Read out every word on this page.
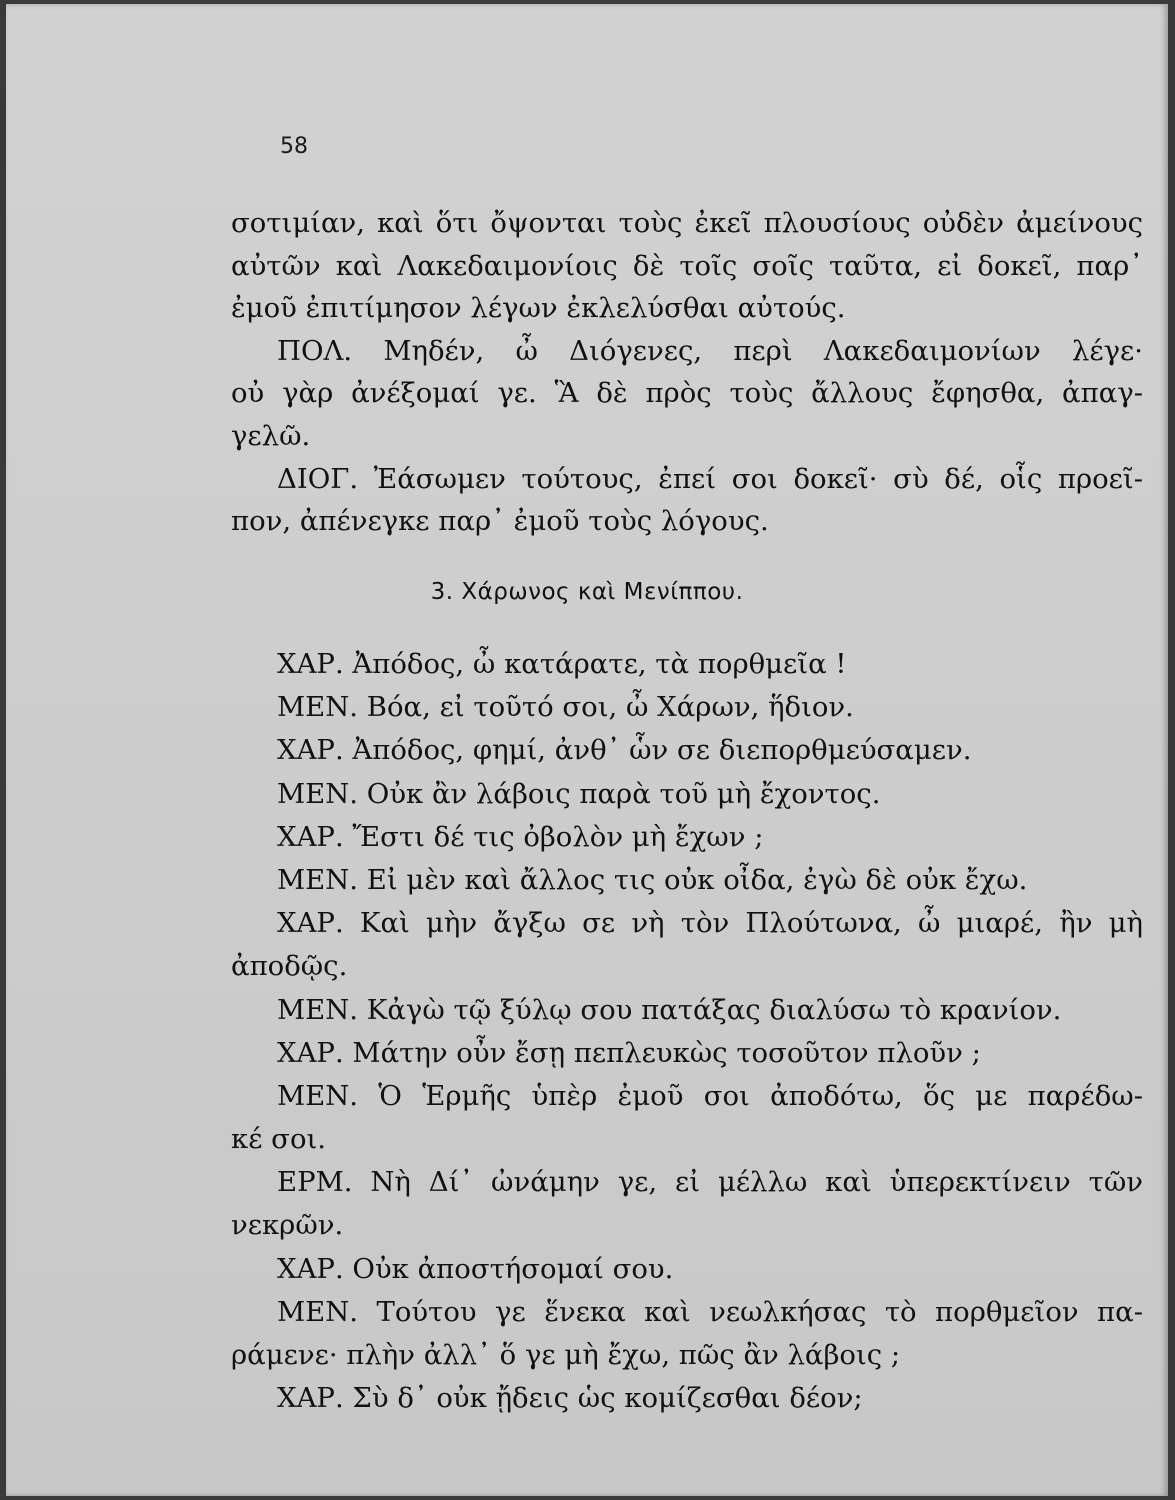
58
σοτιμίαν, καὶ ὅτι ὄψονται τοὺς ἐκεῖ πλουσίους οὐδὲν ἀμείνους
αὐτῶν καὶ Λακεδαιμονίοις δὲ τοῖς σοῖς ταῦτα, εἰ δοκεῖ, παρ᾽
ἐμοῦ ἐπιτίμησον λέγων ἐκλελύσθαι αὐτούς.
ΠΟΛ. Μηδέν, ὦ Διόγενες, περὶ Λακεδαιμονίων λέγε·
οὐ γὰρ ἀνέξομαί γε. Ἃ δὲ πρὸς τοὺς ἄλλους ἔφησθα, ἀπαγ-
γελῶ.
ΔΙΟΓ. Ἐάσωμεν τούτους, ἐπεί σοι δοκεῖ· σὺ δέ, οἷς προεῖ-
πον, ἀπένεγκε παρ᾽ ἐμοῦ τοὺς λόγους.
3. Χάρωνος καὶ Μενίππου.
ΧΑΡ. Ἀπόδος, ὦ κατάρατε, τὰ πορθμεῖα !
ΜΕΝ. Βόα, εἰ τοῦτό σοι, ὦ Χάρων, ἥδιον.
ΧΑΡ. Ἀπόδος, φημί, ἀνθ᾽ ὧν σε διεπορθμεύσαμεν.
ΜΕΝ. Οὐκ ἂν λάβοις παρὰ τοῦ μὴ ἔχοντος.
ΧΑΡ. Ἔστι δέ τις ὀβολὸν μὴ ἔχων ;
ΜΕΝ. Εἰ μὲν καὶ ἄλλος τις οὐκ οἶδα, ἐγὼ δὲ οὐκ ἔχω.
ΧΑΡ. Καὶ μὴν ἄγξω σε νὴ τὸν Πλούτωνα, ὦ μιαρέ, ἢν μὴ
ἀποδῷς.
ΜΕΝ. Κἀγὼ τῷ ξύλῳ σου πατάξας διαλύσω τὸ κρανίον.
ΧΑΡ. Μάτην οὖν ἔσῃ πεπλευκὼς τοσοῦτον πλοῦν ;
ΜΕΝ. Ὁ Ἑρμῆς ὑπὲρ ἐμοῦ σοι ἀποδότω, ὅς με παρέδω-
κέ σοι.
ΕΡΜ. Νὴ Δί᾽ ὠνάμην γε, εἰ μέλλω καὶ ὑπερεκτίνειν τῶν
νεκρῶν.
ΧΑΡ. Οὐκ ἀποστήσομαί σου.
ΜΕΝ. Τούτου γε ἕνεκα καὶ νεωλκήσας τὸ πορθμεῖον πα-
ράμενε· πλὴν ἀλλ᾽ ὅ γε μὴ ἔχω, πῶς ἂν λάβοις ;
ΧΑΡ. Σὺ δ᾽ οὐκ ᾔδεις ὡς κομίζεσθαι δέον;
